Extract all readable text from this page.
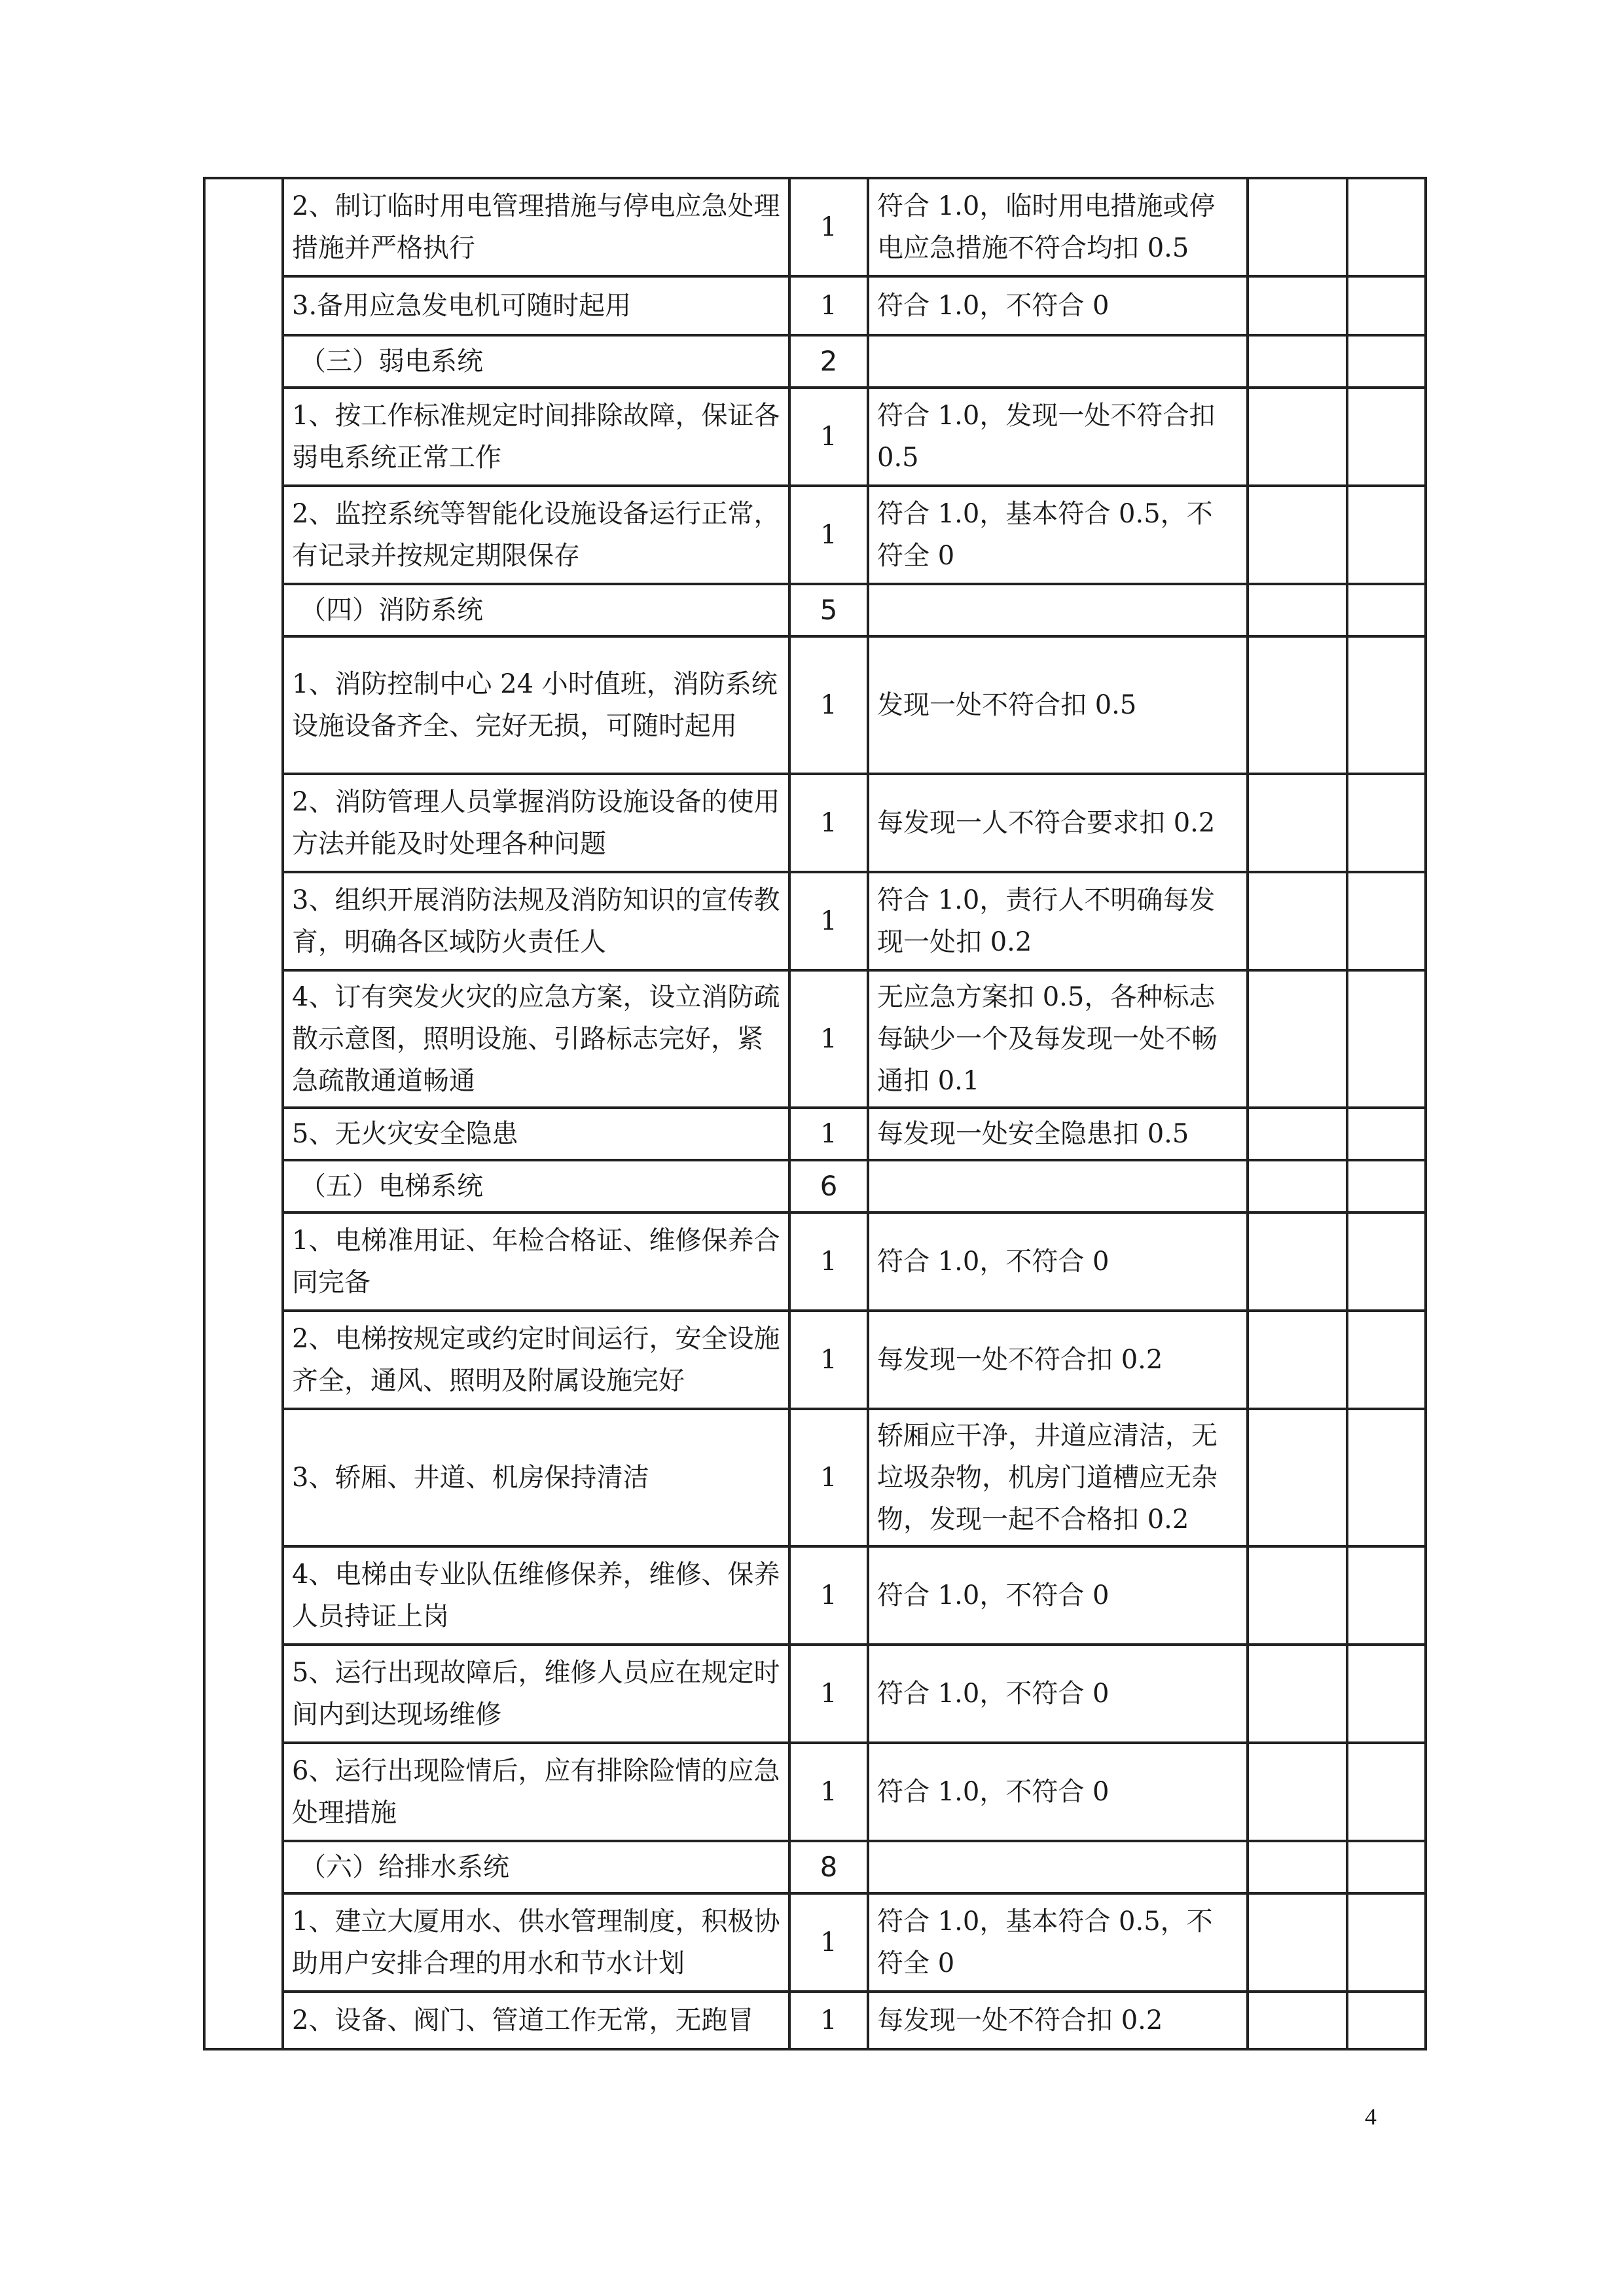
	2、制订临时用电管理措施与停电应急处理措施并严格执行	1	符合 1.0，临时用电措施或停电应急措施不符合均扣 0.5		
	3.备用应急发电机可随时起用	1	符合 1.0，不符合 0		
	（三）弱电系统	2			
	1、按工作标准规定时间排除故障，保证各弱电系统正常工作	1	符合 1.0，发现一处不符合扣 0.5		
	2、监控系统等智能化设施设备运行正常，有记录并按规定期限保存	1	符合 1.0，基本符合 0.5，不符全 0		
	（四）消防系统	5			
	1、消防控制中心 24 小时值班，消防系统设施设备齐全、完好无损，可随时起用	1	发现一处不符合扣 0.5		
	2、消防管理人员掌握消防设施设备的使用方法并能及时处理各种问题	1	每发现一人不符合要求扣 0.2		
	3、组织开展消防法规及消防知识的宣传教育，明确各区域防火责任人	1	符合 1.0，责行人不明确每发现一处扣 0.2		
	4、订有突发火灾的应急方案，设立消防疏散示意图，照明设施、引路标志完好，紧急疏散通道畅通	1	无应急方案扣 0.5，各种标志每缺少一个及每发现一处不畅通扣 0.1		
	5、无火灾安全隐患	1	每发现一处安全隐患扣 0.5		
	（五）电梯系统	6			
	1、电梯准用证、年检合格证、维修保养合同完备	1	符合 1.0，不符合 0		
	2、电梯按规定或约定时间运行，安全设施齐全，通风、照明及附属设施完好	1	每发现一处不符合扣 0.2		
	3、轿厢、井道、机房保持清洁	1	轿厢应干净，井道应清洁，无垃圾杂物，机房门道槽应无杂物，发现一起不合格扣 0.2		
	4、电梯由专业队伍维修保养，维修、保养人员持证上岗	1	符合 1.0，不符合 0		
	5、运行出现故障后，维修人员应在规定时间内到达现场维修	1	符合 1.0，不符合 0		
	6、运行出现险情后，应有排除险情的应急处理措施	1	符合 1.0，不符合 0		
	（六）给排水系统	8			
	1、建立大厦用水、供水管理制度，积极协助用户安排合理的用水和节水计划	1	符合 1.0，基本符合 0.5，不符全 0		
	2、设备、阀门、管道工作无常，无跑冒	1	每发现一处不符合扣 0.2		
4
